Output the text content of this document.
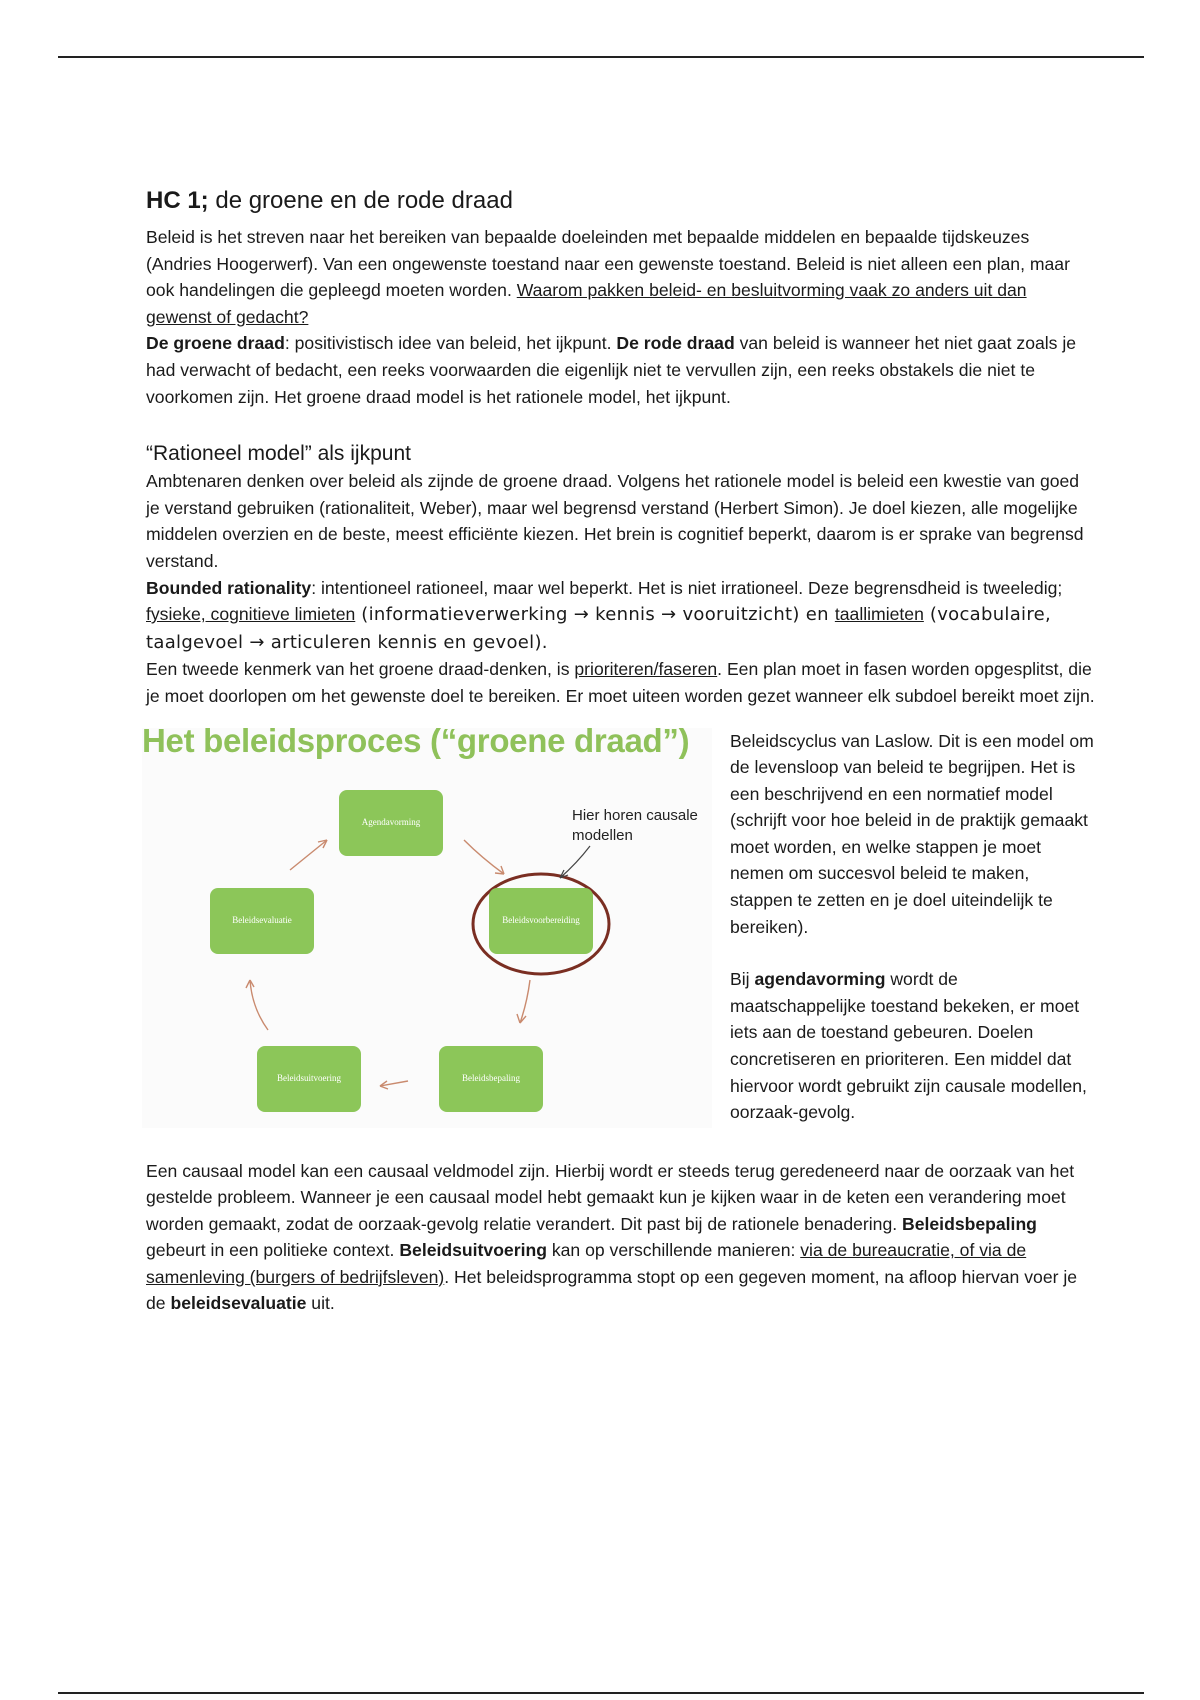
HC 1; de groene en de rode draad

Beleid is het streven naar het bereiken van bepaalde doeleinden met bepaalde middelen en bepaalde tijdskeuzes (Andries Hoogerwerf). Van een ongewenste toestand naar een gewenste toestand. Beleid is niet alleen een plan, maar ook handelingen die gepleegd moeten worden. Waarom pakken beleid- en besluitvorming vaak zo anders uit dan gewenst of gedacht?

De groene draad: positivistisch idee van beleid, het ijkpunt. De rode draad van beleid is wanneer het niet gaat zoals je had verwacht of bedacht, een reeks voorwaarden die eigenlijk niet te vervullen zijn, een reeks obstakels die niet te voorkomen zijn. Het groene draad model is het rationele model, het ijkpunt.

“Rationeel model” als ijkpunt

Ambtenaren denken over beleid als zijnde de groene draad. Volgens het rationele model is beleid een kwestie van goed je verstand gebruiken (rationaliteit, Weber), maar wel begrensd verstand (Herbert Simon). Je doel kiezen, alle mogelijke middelen overzien en de beste, meest efficiënte kiezen. Het brein is cognitief beperkt, daarom is er sprake van begrensd verstand.

Bounded rationality: intentioneel rationeel, maar wel beperkt. Het is niet irrationeel. Deze begrensdheid is tweeledig; fysieke, cognitieve limieten (informatieverwerking → kennis → vooruitzicht) en taallimieten (vocabulaire, taalgevoel → articuleren kennis en gevoel).

Een tweede kenmerk van het groene draad-denken, is prioriteren/faseren. Een plan moet in fasen worden opgesplitst, die je moet doorlopen om het gewenste doel te bereiken. Er moet uiteen worden gezet wanneer elk subdoel bereikt moet zijn.

Het beleidsproces (“groene draad”)
Hier horen causale modellen
Agendavorming
Beleidsvoorbereiding
Beleidsbepaling
Beleidsuitvoering
Beleidsevaluatie

Beleidscyclus van Laslow. Dit is een model om de levensloop van beleid te begrijpen. Het is een beschrijvend en een normatief model (schrijft voor hoe beleid in de praktijk gemaakt moet worden, en welke stappen je moet nemen om succesvol beleid te maken, stappen te zetten en je doel uiteindelijk te bereiken).

Bij agendavorming wordt de maatschappelijke toestand bekeken, er moet iets aan de toestand gebeuren. Doelen concretiseren en prioriteren. Een middel dat hiervoor wordt gebruikt zijn causale modellen, oorzaak-gevolg.

Een causaal model kan een causaal veldmodel zijn. Hierbij wordt er steeds terug geredeneerd naar de oorzaak van het gestelde probleem. Wanneer je een causaal model hebt gemaakt kun je kijken waar in de keten een verandering moet worden gemaakt, zodat de oorzaak-gevolg relatie verandert. Dit past bij de rationele benadering. Beleidsbepaling gebeurt in een politieke context. Beleidsuitvoering kan op verschillende manieren: via de bureaucratie, of via de samenleving (burgers of bedrijfsleven). Het beleidsprogramma stopt op een gegeven moment, na afloop hiervan voer je de beleidsevaluatie uit.
